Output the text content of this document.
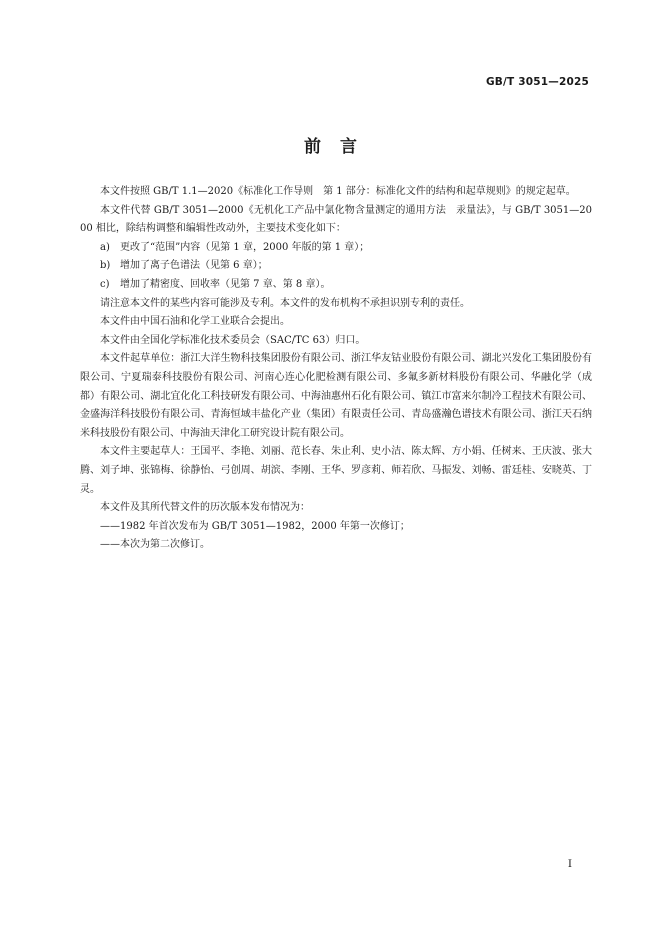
GB/T 3051—2025
前　言

本文件按照 GB/T 1.1—2020《标准化工作导则　第 1 部分：标准化文件的结构和起草规则》的规定起草。

本文件代替 GB/T 3051—2000《无机化工产品中氯化物含量测定的通用方法　汞量法》，与 GB/T 3051—2000 相比，除结构调整和编辑性改动外，主要技术变化如下：

a) 更改了“范围”内容（见第 1 章，2000 年版的第 1 章）；

b) 增加了离子色谱法（见第 6 章）；

c) 增加了精密度、回收率（见第 7 章、第 8 章）。

请注意本文件的某些内容可能涉及专利。本文件的发布机构不承担识别专利的责任。

本文件由中国石油和化学工业联合会提出。

本文件由全国化学标准化技术委员会（SAC/TC 63）归口。

本文件起草单位：浙江大洋生物科技集团股份有限公司、浙江华友钴业股份有限公司、湖北兴发化工集团股份有限公司、宁夏瑞泰科技股份有限公司、河南心连心化肥检测有限公司、多氟多新材料股份有限公司、华融化学（成都）有限公司、湖北宜化化工科技研发有限公司、中海油惠州石化有限公司、镇江市富来尔制冷工程技术有限公司、金盛海洋科技股份有限公司、青海恒域丰盐化产业（集团）有限责任公司、青岛盛瀚色谱技术有限公司、浙江天石纳米科技股份有限公司、中海油天津化工研究设计院有限公司。

本文件主要起草人：王国平、李艳、刘丽、范长春、朱止利、史小洁、陈太辉、方小娟、任树来、王庆波、张大腾、刘子坤、张锦梅、徐静怡、弓创周、胡滨、李刚、王华、罗彦莉、师若欣、马振发、刘畅、雷廷桂、安晓英、丁灵。

本文件及其所代替文件的历次版本发布情况为：

——1982 年首次发布为 GB/T 3051—1982，2000 年第一次修订；

——本次为第二次修订。

I
